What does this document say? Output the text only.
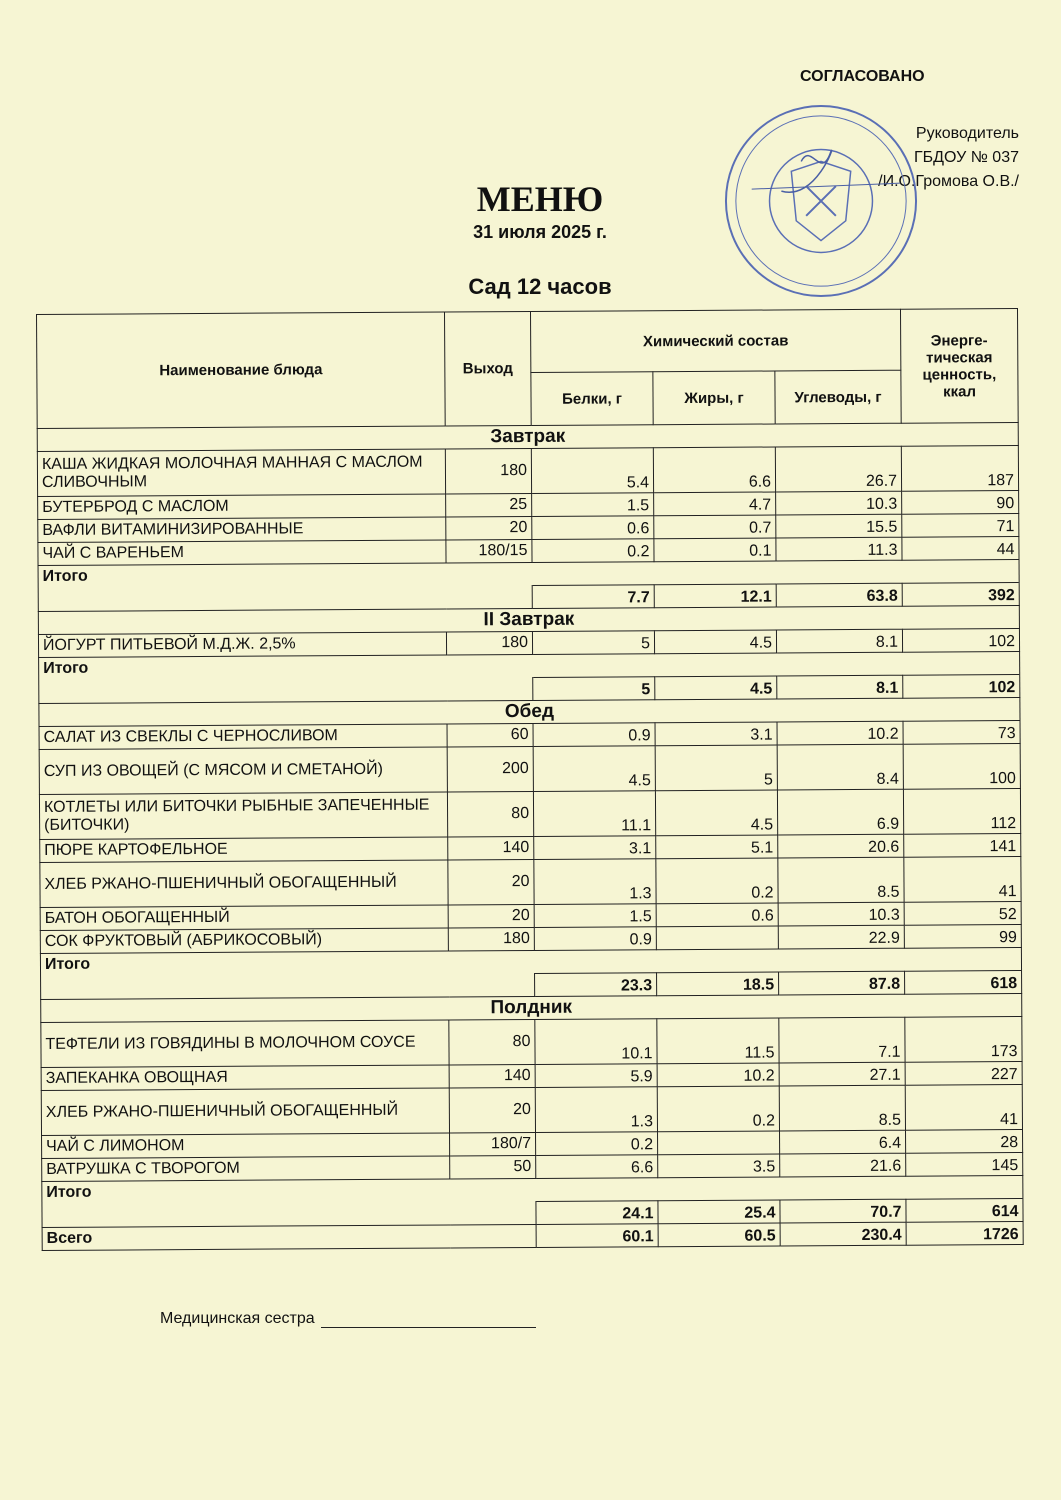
СОГЛАСОВАНО
Руководитель
ГБДОУ № 037
/И.О.Громова О.В./
МЕНЮ
31 июля 2025 г.
Сад 12 часов
Наименование блюда	Выход	Химический состав			Энерге-тическая ценность, ккал
		Белки, г	Жиры, г	Углеводы, г	
Завтрак					
КАША ЖИДКАЯ МОЛОЧНАЯ МАННАЯ С МАСЛОМ СЛИВОЧНЫМ	180	5.4	6.6	26.7	187
БУТЕРБРОД С МАСЛОМ	25	1.5	4.7	10.3	90
ВАФЛИ ВИТАМИНИЗИРОВАННЫЕ	20	0.6	0.7	15.5	71
ЧАЙ С ВАРЕНЬЕМ	180/15	0.2	0.1	11.3	44
Итого					
		7.7	12.1	63.8	392
II Завтрак					
ЙОГУРТ ПИТЬЕВОЙ М.Д.Ж. 2,5%	180	5	4.5	8.1	102
Итого					
		5	4.5	8.1	102
Обед					
САЛАТ ИЗ СВЕКЛЫ С ЧЕРНОСЛИВОМ	60	0.9	3.1	10.2	73
СУП ИЗ ОВОЩЕЙ (С МЯСОМ И СМЕТАНОЙ)	200	4.5	5	8.4	100
КОТЛЕТЫ ИЛИ БИТОЧКИ РЫБНЫЕ ЗАПЕЧЕННЫЕ (БИТОЧКИ)	80	11.1	4.5	6.9	112
ПЮРЕ КАРТОФЕЛЬНОЕ	140	3.1	5.1	20.6	141
ХЛЕБ РЖАНО-ПШЕНИЧНЫЙ ОБОГАЩЕННЫЙ	20	1.3	0.2	8.5	41
БАТОН ОБОГАЩЕННЫЙ	20	1.5	0.6	10.3	52
СОК ФРУКТОВЫЙ (АБРИКОСОВЫЙ)	180	0.9		22.9	99
Итого					
		23.3	18.5	87.8	618
Полдник					
ТЕФТЕЛИ ИЗ ГОВЯДИНЫ В МОЛОЧНОМ СОУСЕ	80	10.1	11.5	7.1	173
ЗАПЕКАНКА ОВОЩНАЯ	140	5.9	10.2	27.1	227
ХЛЕБ РЖАНО-ПШЕНИЧНЫЙ ОБОГАЩЕННЫЙ	20	1.3	0.2	8.5	41
ЧАЙ С ЛИМОНОМ	180/7	0.2		6.4	28
ВАТРУШКА С ТВОРОГОМ	50	6.6	3.5	21.6	145
Итого					
		24.1	25.4	70.7	614
Всего		60.1	60.5	230.4	1726
Медицинская сестра
